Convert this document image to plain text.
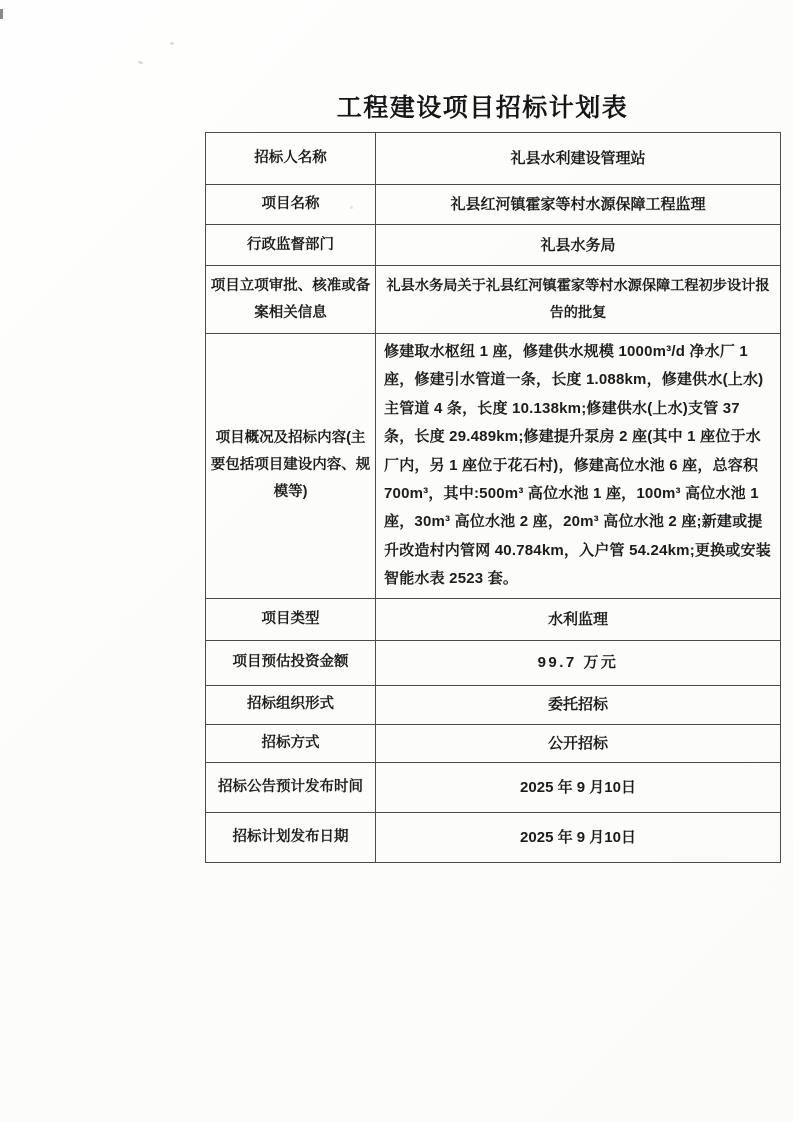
工程建设项目招标计划表
招标人名称	礼县水利建设管理站
项目名称	礼县红河镇霍家等村水源保障工程监理
行政监督部门	礼县水务局
项目立项审批、核准或备案相关信息	礼县水务局关于礼县红河镇霍家等村水源保障工程初步设计报告的批复
项目概况及招标内容(主要包括项目建设内容、规模等)	修建取水枢纽 1 座，修建供水规模 1000m³/d 净水厂 1 座，修建引水管道一条，长度 1.088km，修建供水(上水)主管道 4 条，长度 10.138km;修建供水(上水)支管 37 条，长度 29.489km;修建提升泵房 2 座(其中 1 座位于水厂内，另 1 座位于花石村)，修建高位水池 6 座，总容积 700m³，其中:500m³ 高位水池 1 座，100m³ 高位水池 1 座，30m³ 高位水池 2 座，20m³ 高位水池 2 座;新建或提升改造村内管网 40.784km，入户管 54.24km;更换或安装智能水表 2523 套。
项目类型	水利监理
项目预估投资金额	99.7 万元
招标组织形式	委托招标
招标方式	公开招标
招标公告预计发布时间	2025 年 9 月10日
招标计划发布日期	2025 年 9 月10日
